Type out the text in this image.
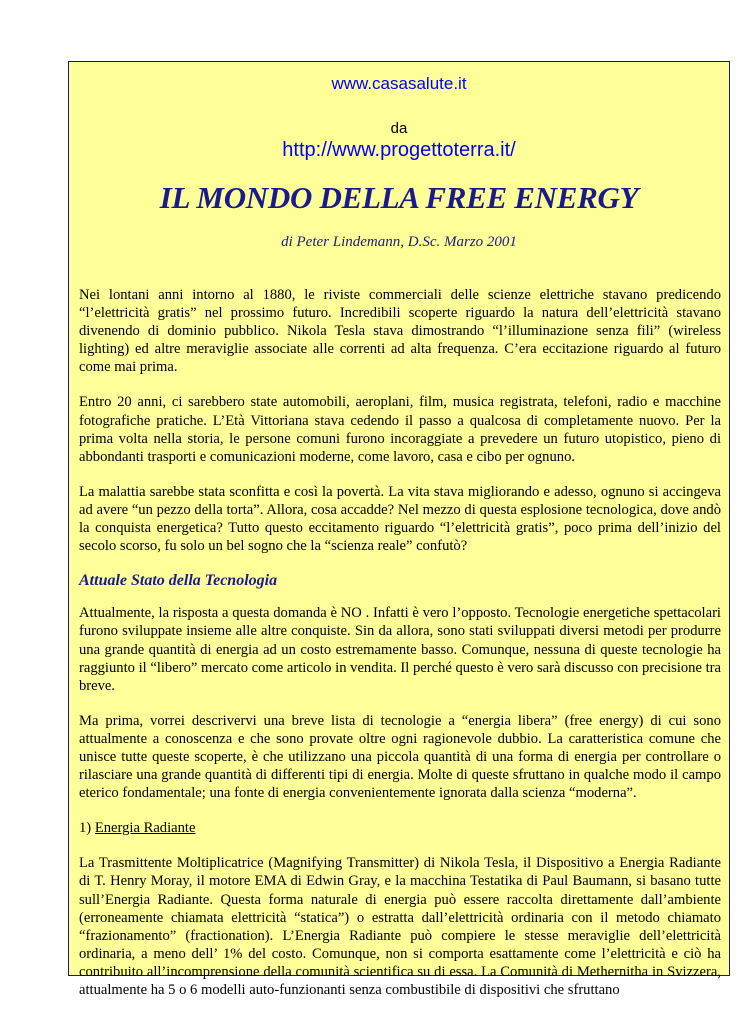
www.casasalute.it
da
http://www.progettoterra.it/
IL MONDO DELLA FREE ENERGY
di Peter Lindemann, D.Sc. Marzo 2001

Nei lontani anni intorno al 1880, le riviste commerciali delle scienze elettriche stavano predicendo “l’elettricità gratis” nel prossimo futuro. Incredibili scoperte riguardo la natura dell’elettricità stavano divenendo di dominio pubblico. Nikola Tesla stava dimostrando “l’illuminazione senza fili” (wireless lighting) ed altre meraviglie associate alle correnti ad alta frequenza. C’era eccitazione riguardo al futuro come mai prima.

Entro 20 anni, ci sarebbero state automobili, aeroplani, film, musica registrata, telefoni, radio e macchine fotografiche pratiche. L’Età Vittoriana stava cedendo il passo a qualcosa di completamente nuovo. Per la prima volta nella storia, le persone comuni furono incoraggiate a prevedere un futuro utopistico, pieno di abbondanti trasporti e comunicazioni moderne, come lavoro, casa e cibo per ognuno.

La malattia sarebbe stata sconfitta e così la povertà. La vita stava migliorando e adesso, ognuno si accingeva ad avere “un pezzo della torta”. Allora, cosa accadde? Nel mezzo di questa esplosione tecnologica, dove andò la conquista energetica? Tutto questo eccitamento riguardo “l’elettricità gratis”, poco prima dell’inizio del secolo scorso, fu solo un bel sogno che la “scienza reale” confutò?

Attuale Stato della Tecnologia

Attualmente, la risposta a questa domanda è NO . Infatti è vero l’opposto. Tecnologie energetiche spettacolari furono sviluppate insieme alle altre conquiste. Sin da allora, sono stati sviluppati diversi metodi per produrre una grande quantità di energia ad un costo estremamente basso. Comunque, nessuna di queste tecnologie ha raggiunto il “libero” mercato come articolo in vendita. Il perché questo è vero sarà discusso con precisione tra breve.

Ma prima, vorrei descrivervi una breve lista di tecnologie a “energia libera” (free energy) di cui sono attualmente a conoscenza e che sono provate oltre ogni ragionevole dubbio. La caratteristica comune che unisce tutte queste scoperte, è che utilizzano una piccola quantità di una forma di energia per controllare o rilasciare una grande quantità di differenti tipi di energia. Molte di queste sfruttano in qualche modo il campo eterico fondamentale; una fonte di energia convenientemente ignorata dalla scienza “moderna”.

1) Energia Radiante

La Trasmittente Moltiplicatrice (Magnifying Transmitter) di Nikola Tesla, il Dispositivo a Energia Radiante di T. Henry Moray, il motore EMA di Edwin Gray, e la macchina Testatika di Paul Baumann, si basano tutte sull’Energia Radiante. Questa forma naturale di energia può essere raccolta direttamente dall’ambiente (erroneamente chiamata elettricità “statica”) o estratta dall’elettricità ordinaria con il metodo chiamato “frazionamento” (fractionation). L’Energia Radiante può compiere le stesse meraviglie dell’elettricità ordinaria, a meno dell’ 1% del costo. Comunque, non si comporta esattamente come l’elettricità e ciò ha contribuito all’incomprensione della comunità scientifica su di essa. La Comunità di Methernitha in Svizzera, attualmente ha 5 o 6 modelli auto-funzionanti senza combustibile di dispositivi che sfruttano
